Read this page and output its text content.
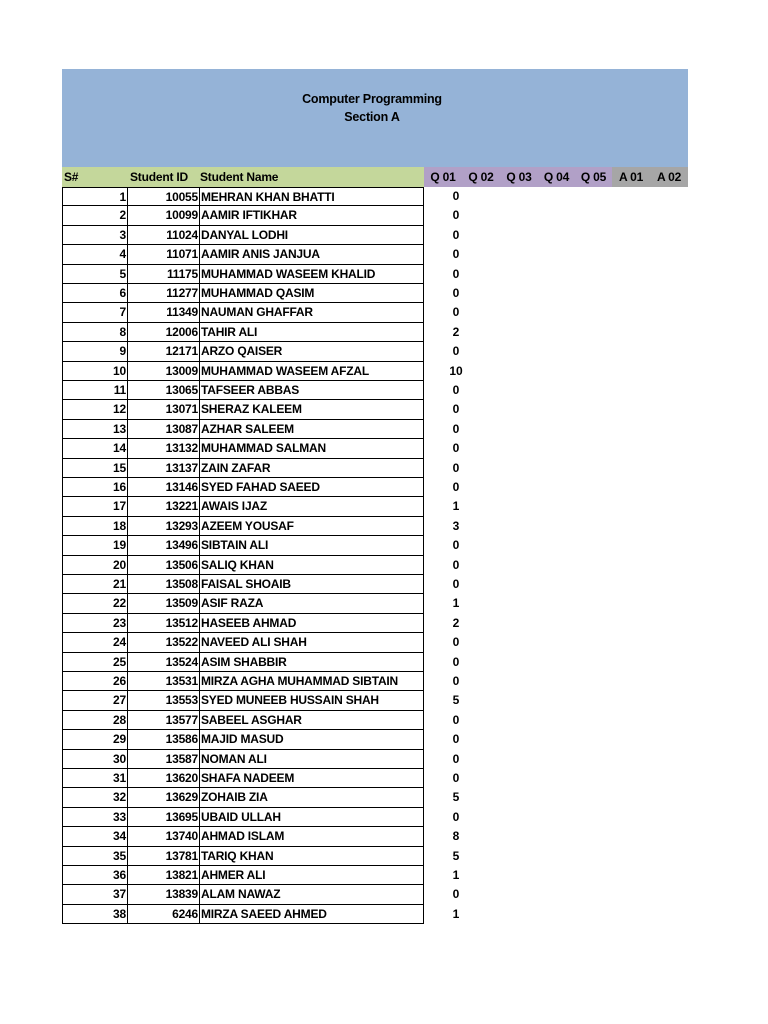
Computer Programming
Section A
S#	Student ID	Student Name	Q 01	Q 02	Q 03	Q 04 Q 05	A 01	A 02
1	10055 MEHRAN KHAN BHATTI	0
2	10099 AAMIR IFTIKHAR	0
3	11024 DANYAL LODHI	0
4	11071 AAMIR ANIS JANJUA	0
5	11175 MUHAMMAD WASEEM KHALID	0
6	11277 MUHAMMAD QASIM	0
7	11349 NAUMAN GHAFFAR	0
8	12006 TAHIR ALI	2
9	12171 ARZO QAISER	0
10	13009 MUHAMMAD WASEEM AFZAL	10
11	13065 TAFSEER ABBAS	0
12	13071 SHERAZ KALEEM	0
13	13087 AZHAR SALEEM	0
14	13132 MUHAMMAD SALMAN	0
15	13137 ZAIN ZAFAR	0
16	13146 SYED FAHAD SAEED	0
17	13221 AWAIS IJAZ	1
18	13293 AZEEM YOUSAF	3
19	13496 SIBTAIN ALI	0
20	13506 SALIQ KHAN	0
21	13508 FAISAL SHOAIB	0
22	13509 ASIF RAZA	1
23	13512 HASEEB AHMAD	2
24	13522 NAVEED ALI SHAH	0
25	13524 ASIM SHABBIR	0
26	13531 MIRZA AGHA MUHAMMAD SIBTAIN	0
27	13553 SYED MUNEEB HUSSAIN SHAH	5
28	13577 SABEEL ASGHAR	0
29	13586 MAJID MASUD	0
30	13587 NOMAN ALI	0
31	13620 SHAFA NADEEM	0
32	13629 ZOHAIB ZIA	5
33	13695 UBAID ULLAH	0
34	13740 AHMAD ISLAM	8
35	13781 TARIQ KHAN	5
36	13821 AHMER ALI	1
37	13839 ALAM NAWAZ	0
38	6246 MIRZA SAEED AHMED	1
